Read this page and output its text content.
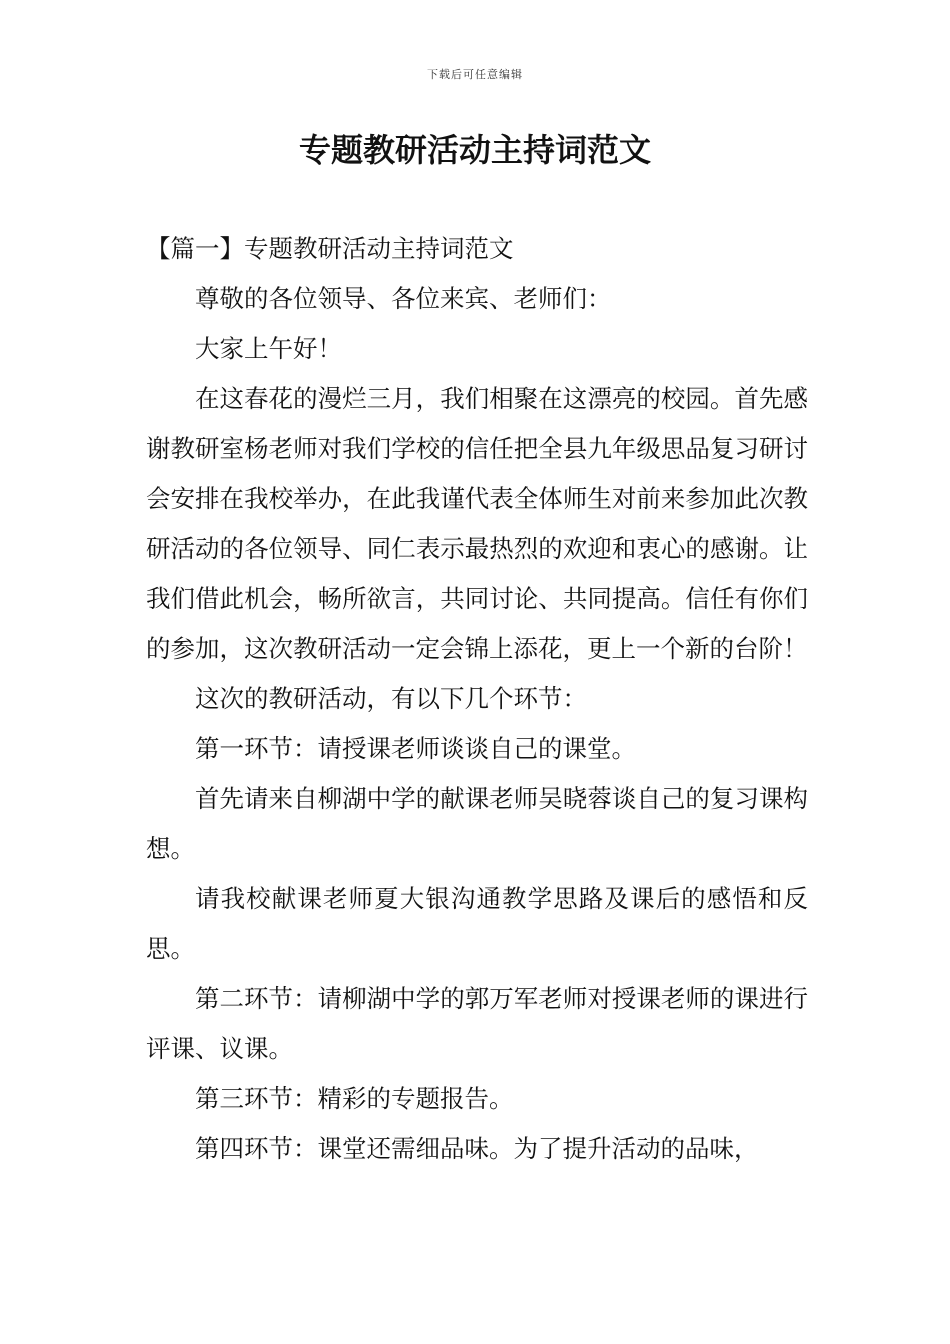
下载后可任意编辑
专题教研活动主持词范文

【篇一】专题教研活动主持词范文

尊敬的各位领导、各位来宾、老师们：

大家上午好！

在这春花的漫烂三月，我们相聚在这漂亮的校园。首先感谢教研室杨老师对我们学校的信任把全县九年级思品复习研讨会安排在我校举办，在此我谨代表全体师生对前来参加此次教研活动的各位领导、同仁表示最热烈的欢迎和衷心的感谢。让我们借此机会，畅所欲言，共同讨论、共同提高。信任有你们的参加，这次教研活动一定会锦上添花，更上一个新的台阶！

这次的教研活动，有以下几个环节：

第一环节：请授课老师谈谈自己的课堂。

首先请来自柳湖中学的献课老师吴晓蓉谈自己的复习课构想。

请我校献课老师夏大银沟通教学思路及课后的感悟和反思。

第二环节：请柳湖中学的郭万军老师对授课老师的课进行评课、议课。

第三环节：精彩的专题报告。

第四环节：课堂还需细品味。为了提升活动的品味，
